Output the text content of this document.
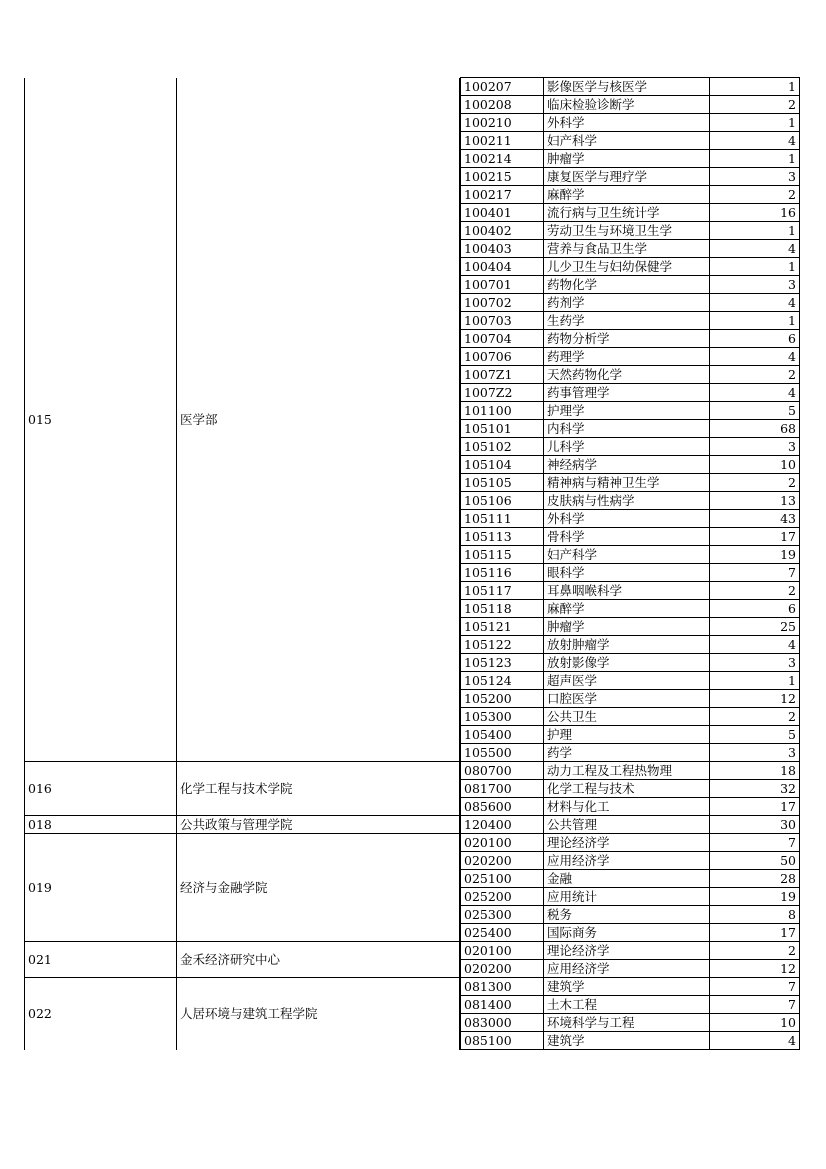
015	医学部		100207	影像医学与核医学	1
		100208	临床检验诊断学	2
		100210	外科学	1
		100211	妇产科学	4
		100214	肿瘤学	1
		100215	康复医学与理疗学	3
		100217	麻醉学	2
		100401	流行病与卫生统计学	16
		100402	劳动卫生与环境卫生学	1
		100403	营养与食品卫生学	4
		100404	儿少卫生与妇幼保健学	1
		100701	药物化学	3
		100702	药剂学	4
		100703	生药学	1
		100704	药物分析学	6
		100706	药理学	4
		1007Z1	天然药物化学	2
		1007Z2	药事管理学	4
		101100	护理学	5
		105101	内科学	68
		105102	儿科学	3
		105104	神经病学	10
		105105	精神病与精神卫生学	2
		105106	皮肤病与性病学	13
		105111	外科学	43
		105113	骨科学	17
		105115	妇产科学	19
		105116	眼科学	7
		105117	耳鼻咽喉科学	2
		105118	麻醉学	6
		105121	肿瘤学	25
		105122	放射肿瘤学	4
		105123	放射影像学	3
		105124	超声医学	1
		105200	口腔医学	12
		105300	公共卫生	2
		105400	护理	5
		105500	药学	3
016	化学工程与技术学院		080700	动力工程及工程热物理	18
		081700	化学工程与技术	32
		085600	材料与化工	17
018	公共政策与管理学院		120400	公共管理	30
019	经济与金融学院		020100	理论经济学	7
		020200	应用经济学	50
		025100	金融	28
		025200	应用统计	19
		025300	税务	8
		025400	国际商务	17
021	金禾经济研究中心		020100	理论经济学	2
		020200	应用经济学	12
022	人居环境与建筑工程学院		081300	建筑学	7
		081400	土木工程	7
		083000	环境科学与工程	10
		085100	建筑学	4
